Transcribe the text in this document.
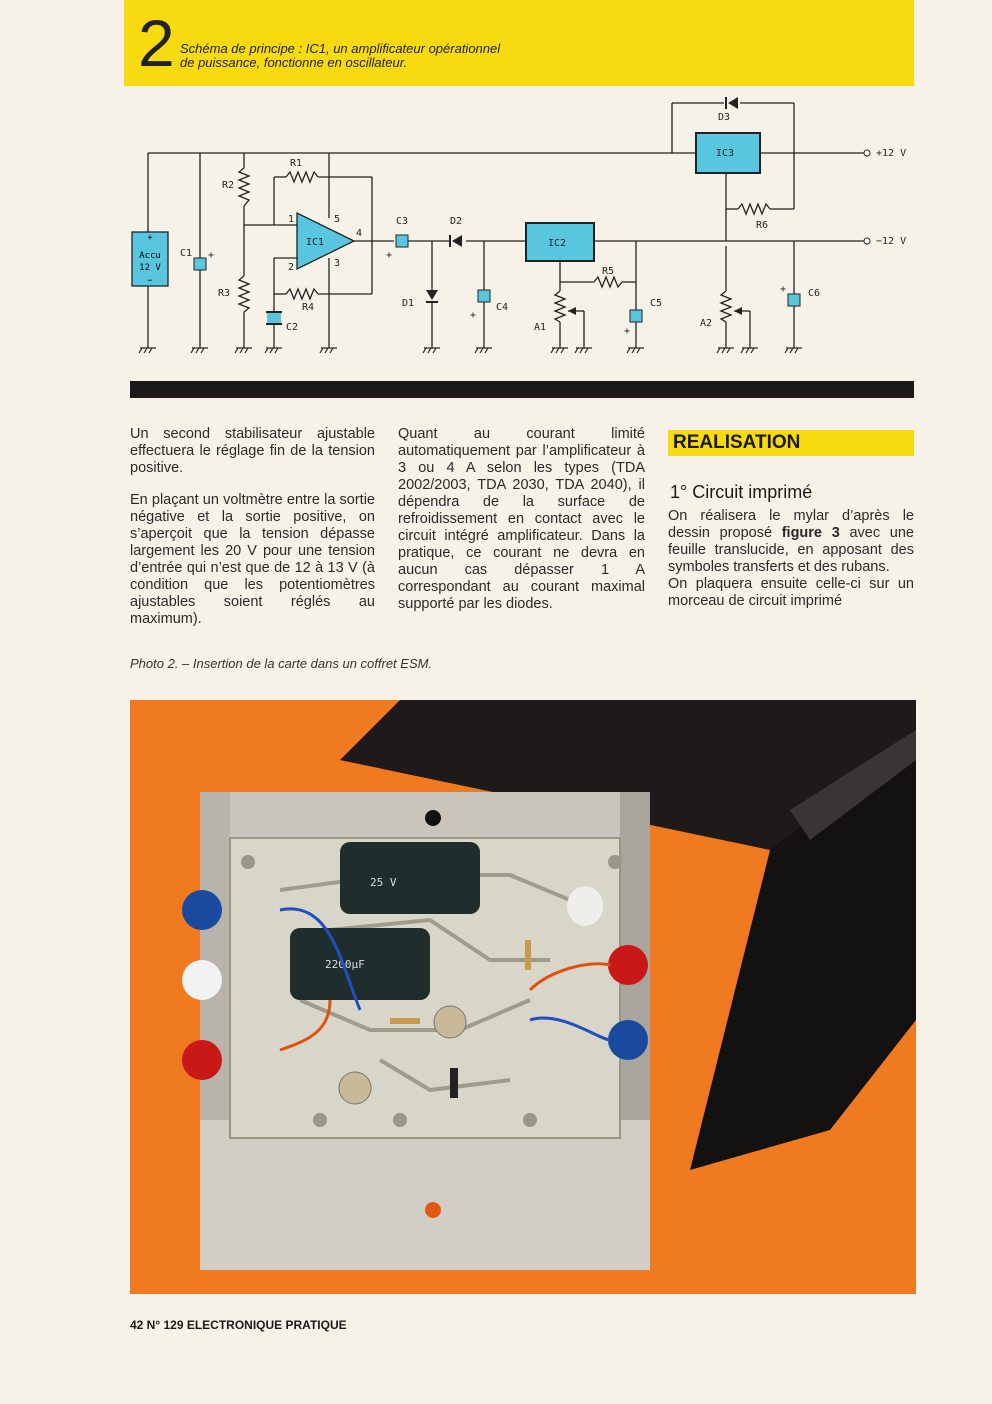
2 Schéma de principe : IC1, un amplificateur opérationnel
de puissance, fonctionne en oscillateur.
+
Accu
12 V
−
R1
R2
R3
R4
R5
R6
C1 +
C2
C3
+
C4
+
C5
+
C6
+
D1
D2
D3
IC1	IC2
IC3
A1	A2
1
2	3
4
5
+12 V
−12 V

Un second stabilisateur ajustable effectuera le réglage fin de la tension positive.

En plaçant un voltmètre entre la sortie négative et la sortie positive, on s’aperçoit que la tension dépasse largement les 20 V pour une tension d’entrée qui n’est que de 12 à 13 V (à condition que les potentiomètres ajustables soient réglés au maximum).

Quant au courant limité automatiquement par l’amplificateur à 3 ou 4 A selon les types (TDA 2002/2003, TDA 2030, TDA 2040), il dépendra de la surface de refroidissement en contact avec le circuit intégré amplificateur. Dans la pratique, ce courant ne devra en aucun cas dépasser 1 A correspondant au courant maximal supporté par les diodes.

REALISATION
1° Circuit imprimé

On réalisera le mylar d’après le dessin proposé figure 3 avec une feuille translucide, en apposant des symboles transferts et des rubans.

On plaquera ensuite celle-ci sur un morceau de circuit imprimé

Photo 2. – Insertion de la carte dans un coffret ESM.
25 V
2200µF
42 N° 129 ELECTRONIQUE PRATIQUE
